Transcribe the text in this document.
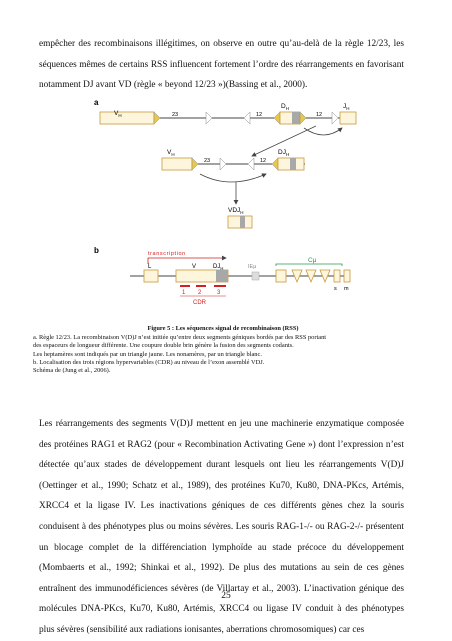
empêcher des recombinaisons illégitimes, on observe en outre qu’au-delà de la règle 12/23, les
séquences mêmes de certains RSS influencent fortement l’ordre des réarrangements en favorisant
notamment DJ avant VD (règle « beyond 12/23 »)(Bassing et al., 2000).

a
$V_H$	23	12
$D_H$
12
$J_H$
$V_H$
23	12
$DJ_H$
$VDJ_H$
b	transcription
L	V	$DJ_H$
1 2	3
CDR
IEμ
Cμ
s m
Figure 5 : Les séquences signal de recombinaison (RSS)
a. Règle 12/23. La recombinaison V(D)J n’est initiée qu’entre deux segments géniques bordés par des RSS portant
des espaceurs de longueur différente. Une coupure double brin génère la fusion des segments codants.
Les heptamères sont indiqués par un triangle jaune. Les nonamères, par un triangle blanc.
b. Localisation des trois régions hypervariables (CDR) au niveau de l’exon assemblé VDJ.
Schéma de (Jung et al., 2006).

Les réarrangements des segments V(D)J mettent en jeu une machinerie enzymatique composée
des protéines RAG1 et RAG2 (pour « Recombination Activating Gene ») dont l’expression n’est
détectée qu’aux stades de développement durant lesquels ont lieu les réarrangements V(D)J
(Oettinger et al., 1990; Schatz et al., 1989), des protéines Ku70, Ku80, DNA-PKcs, Artémis,
XRCC4 et la ligase IV. Les inactivations géniques de ces différents gènes chez la souris
conduisent à des phénotypes plus ou moins sévères. Les souris RAG-1-/- ou RAG-2-/- présentent
un blocage complet de la différenciation lymphoïde au stade précoce du développement
(Mombaerts et al., 1992; Shinkai et al., 1992). De plus des mutations au sein de ces gènes
entraînent des immunodéficiences sévères (de Villartay et al., 2003). L’inactivation génique des
molécules DNA-PKcs, Ku70, Ku80, Artémis, XRCC4 ou ligase IV conduit à des phénotypes
plus sévères (sensibilité aux radiations ionisantes, aberrations chromosomiques) car ces

25
